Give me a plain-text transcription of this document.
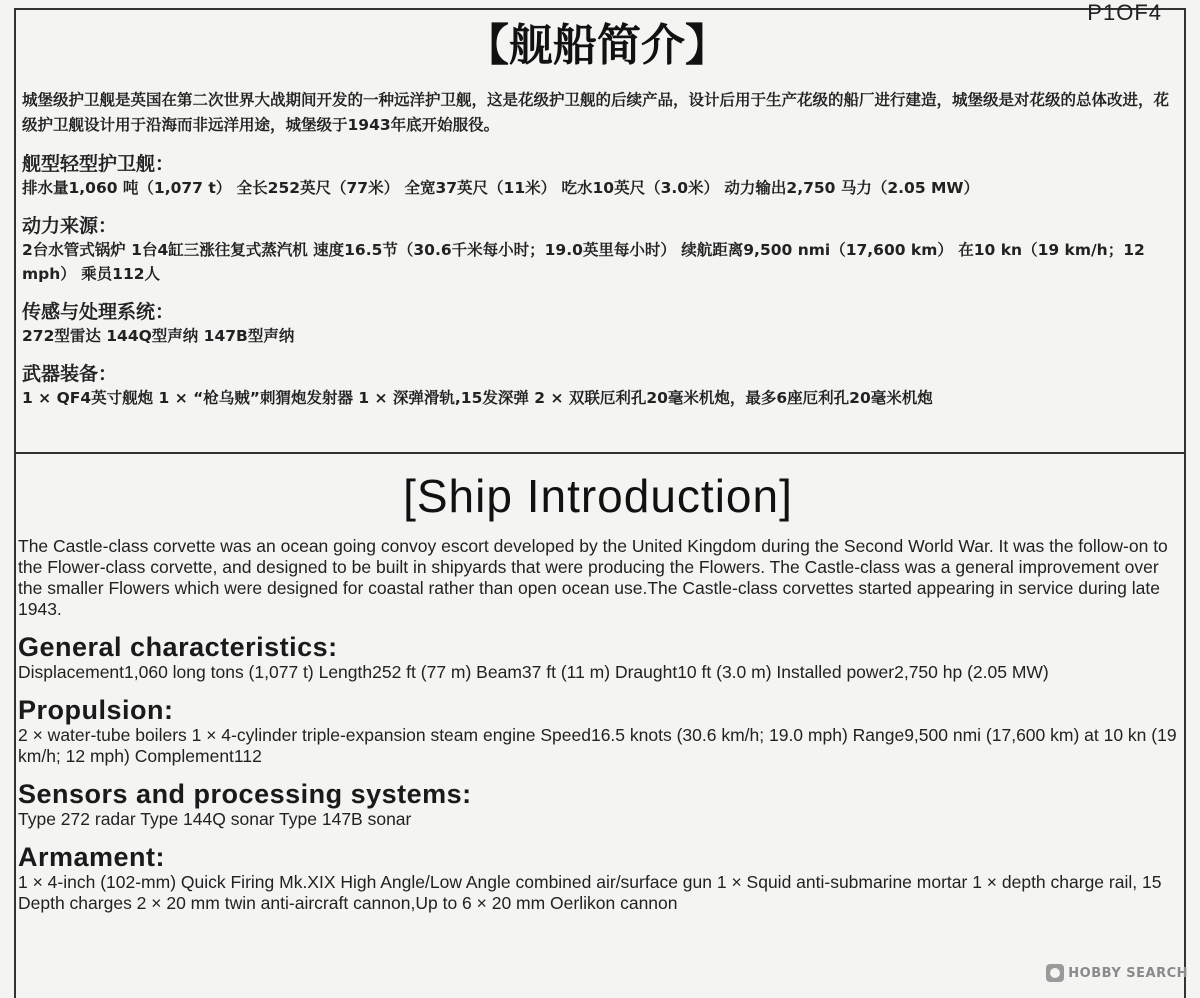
P1OF4
【舰船简介】

城堡级护卫舰是英国在第二次世界大战期间开发的一种远洋护卫舰，这是花级护卫舰的后续产品，设计后用于生产花级的船厂进行建造，城堡级是对花级的总体改进，花级护卫舰设计用于沿海而非远洋用途，城堡级于1943年底开始服役。

舰型轻型护卫舰：

排水量1,060 吨（1,077 t） 全长252英尺（77米） 全宽37英尺（11米） 吃水10英尺（3.0米） 动力输出2,750 马力（2.05 MW）

动力来源：

2台水管式锅炉 1台4缸三涨往复式蒸汽机 速度16.5节（30.6千米每小时；19.0英里每小时） 续航距离9,500 nmi（17,600 km） 在10 kn（19 km/h；12 mph） 乘员112人

传感与处理系统：

272型雷达 144Q型声纳 147B型声纳

武器装备：

1 × QF4英寸舰炮 1 × “枪乌贼”刺猬炮发射器 1 × 深弹滑轨,15发深弹 2 × 双联厄利孔20毫米机炮，最多6座厄利孔20毫米机炮

[Ship Introduction]

The Castle-class corvette was an ocean going convoy escort developed by the United Kingdom during the Second World War. It was the follow-on to the Flower-class corvette, and designed to be built in shipyards that were producing the Flowers. The Castle-class was a general improvement over the smaller Flowers which were designed for coastal rather than open ocean use.The Castle-class corvettes started appearing in service during late 1943.

General characteristics:

Displacement1,060 long tons (1,077 t) Length252 ft (77 m) Beam37 ft (11 m) Draught10 ft (3.0 m) Installed power2,750 hp (2.05 MW)

Propulsion:

2 × water-tube boilers 1 × 4-cylinder triple-expansion steam engine Speed16.5 knots (30.6 km/h; 19.0 mph) Range9,500 nmi (17,600 km) at 10 kn (19 km/h; 12 mph) Complement112

Sensors and processing systems:

Type 272 radar Type 144Q sonar Type 147B sonar

Armament:

1 × 4-inch (102-mm) Quick Firing Mk.XIX High Angle/Low Angle combined air/surface gun 1 × Squid anti-submarine mortar 1 × depth charge rail, 15 Depth charges 2 × 20 mm twin anti-aircraft cannon,Up to 6 × 20 mm Oerlikon cannon

HOBBY SEARCH
